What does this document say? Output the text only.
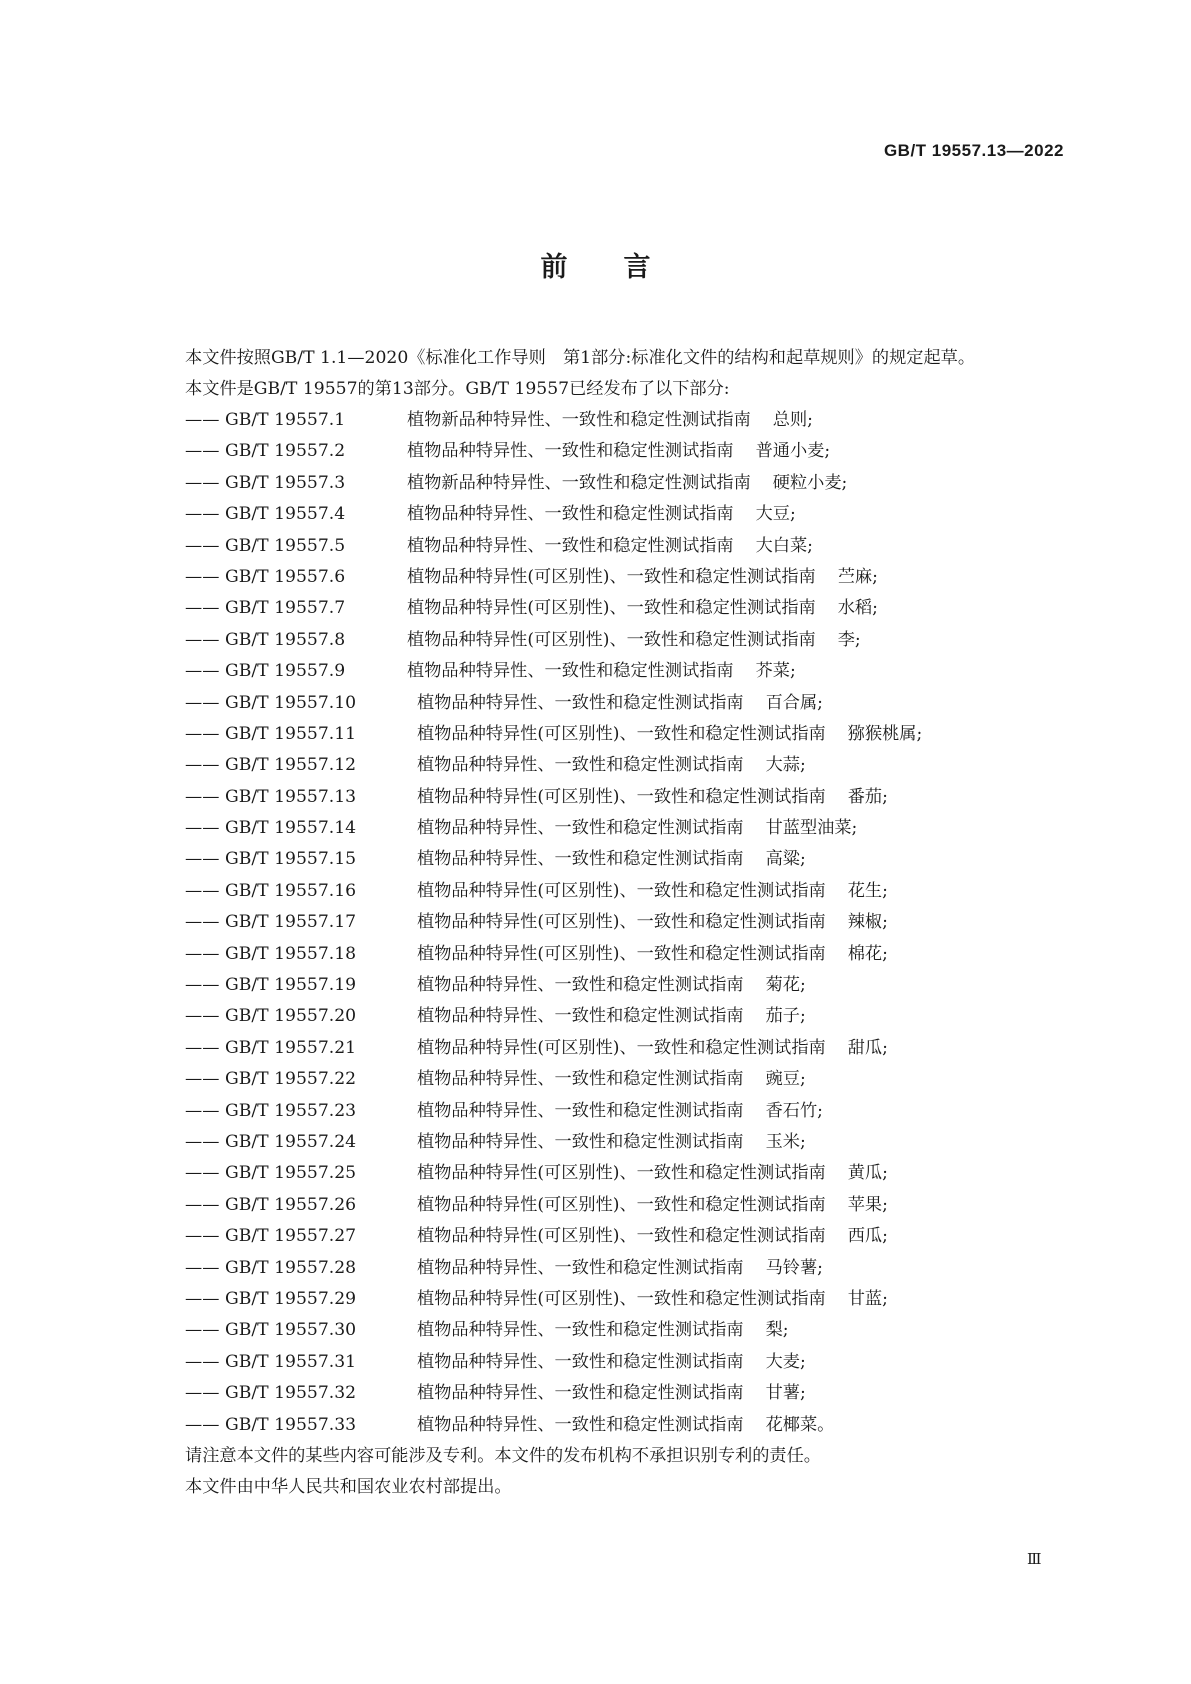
GB/T 19557.13—2022
前言

本文件按照GB/T 1.1—2020《标准化工作导则　第1部分:标准化文件的结构和起草规则》的规定起草。

本文件是GB/T 19557的第13部分。GB/T 19557已经发布了以下部分:

—— GB/T 19557.1	植物新品种特异性、一致性和稳定性测试指南 总则;
—— GB/T 19557.2	植物品种特异性、一致性和稳定性测试指南 普通小麦;
—— GB/T 19557.3	植物新品种特异性、一致性和稳定性测试指南 硬粒小麦;
—— GB/T 19557.4	植物品种特异性、一致性和稳定性测试指南 大豆;
—— GB/T 19557.5	植物品种特异性、一致性和稳定性测试指南 大白菜;
—— GB/T 19557.6	植物品种特异性(可区别性)、一致性和稳定性测试指南 苎麻;
—— GB/T 19557.7	植物品种特异性(可区别性)、一致性和稳定性测试指南 水稻;
—— GB/T 19557.8	植物品种特异性(可区别性)、一致性和稳定性测试指南 李;
—— GB/T 19557.9	植物品种特异性、一致性和稳定性测试指南 芥菜;
—— GB/T 19557.10	植物品种特异性、一致性和稳定性测试指南 百合属;
—— GB/T 19557.11	植物品种特异性(可区别性)、一致性和稳定性测试指南 猕猴桃属;
—— GB/T 19557.12	植物品种特异性、一致性和稳定性测试指南 大蒜;
—— GB/T 19557.13	植物品种特异性(可区别性)、一致性和稳定性测试指南 番茄;
—— GB/T 19557.14	植物品种特异性、一致性和稳定性测试指南 甘蓝型油菜;
—— GB/T 19557.15	植物品种特异性、一致性和稳定性测试指南 高粱;
—— GB/T 19557.16	植物品种特异性(可区别性)、一致性和稳定性测试指南 花生;
—— GB/T 19557.17	植物品种特异性(可区别性)、一致性和稳定性测试指南 辣椒;
—— GB/T 19557.18	植物品种特异性(可区别性)、一致性和稳定性测试指南 棉花;
—— GB/T 19557.19	植物品种特异性、一致性和稳定性测试指南 菊花;
—— GB/T 19557.20	植物品种特异性、一致性和稳定性测试指南 茄子;
—— GB/T 19557.21	植物品种特异性(可区别性)、一致性和稳定性测试指南 甜瓜;
—— GB/T 19557.22	植物品种特异性、一致性和稳定性测试指南 豌豆;
—— GB/T 19557.23	植物品种特异性、一致性和稳定性测试指南 香石竹;
—— GB/T 19557.24	植物品种特异性、一致性和稳定性测试指南 玉米;
—— GB/T 19557.25	植物品种特异性(可区别性)、一致性和稳定性测试指南 黄瓜;
—— GB/T 19557.26	植物品种特异性(可区别性)、一致性和稳定性测试指南 苹果;
—— GB/T 19557.27	植物品种特异性(可区别性)、一致性和稳定性测试指南 西瓜;
—— GB/T 19557.28	植物品种特异性、一致性和稳定性测试指南 马铃薯;
—— GB/T 19557.29	植物品种特异性(可区别性)、一致性和稳定性测试指南 甘蓝;
—— GB/T 19557.30	植物品种特异性、一致性和稳定性测试指南 梨;
—— GB/T 19557.31	植物品种特异性、一致性和稳定性测试指南 大麦;
—— GB/T 19557.32	植物品种特异性、一致性和稳定性测试指南 甘薯;
—— GB/T 19557.33	植物品种特异性、一致性和稳定性测试指南 花椰菜。

请注意本文件的某些内容可能涉及专利。本文件的发布机构不承担识别专利的责任。

本文件由中华人民共和国农业农村部提出。

Ⅲ
